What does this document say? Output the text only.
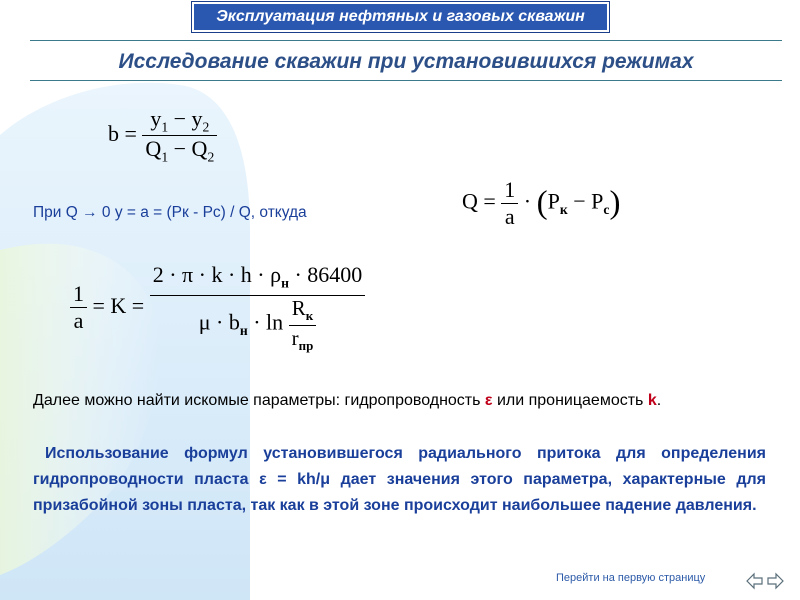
Эксплуатация нефтяных и газовых скважин
Исследование скважин при установившихся режимах
$b = \frac{y_1 - y_2}{Q_1 - Q_2}$
При Q → 0 y = a = (Pк - Pc) / Q, откуда	$Q = \frac{1}{a} \cdot (P_к - P_с)$
$\frac{1}{a} = K = \frac{2 \cdot \pi \cdot k \cdot h \cdot \rho_н \cdot 86400}{\mu \cdot b_н \cdot \ln \frac{R_к}{r_{пр}}}$

Далее можно найти искомые параметры: гидропроводность ε или проницаемость k.

Использование формул установившегося радиального притока для определения гидропроводности пласта ε = kh/μ дает значения этого параметра, характерные для призабойной зоны пласта, так как в этой зоне происходит наибольшее падение давления.

Перейти на первую страницу
